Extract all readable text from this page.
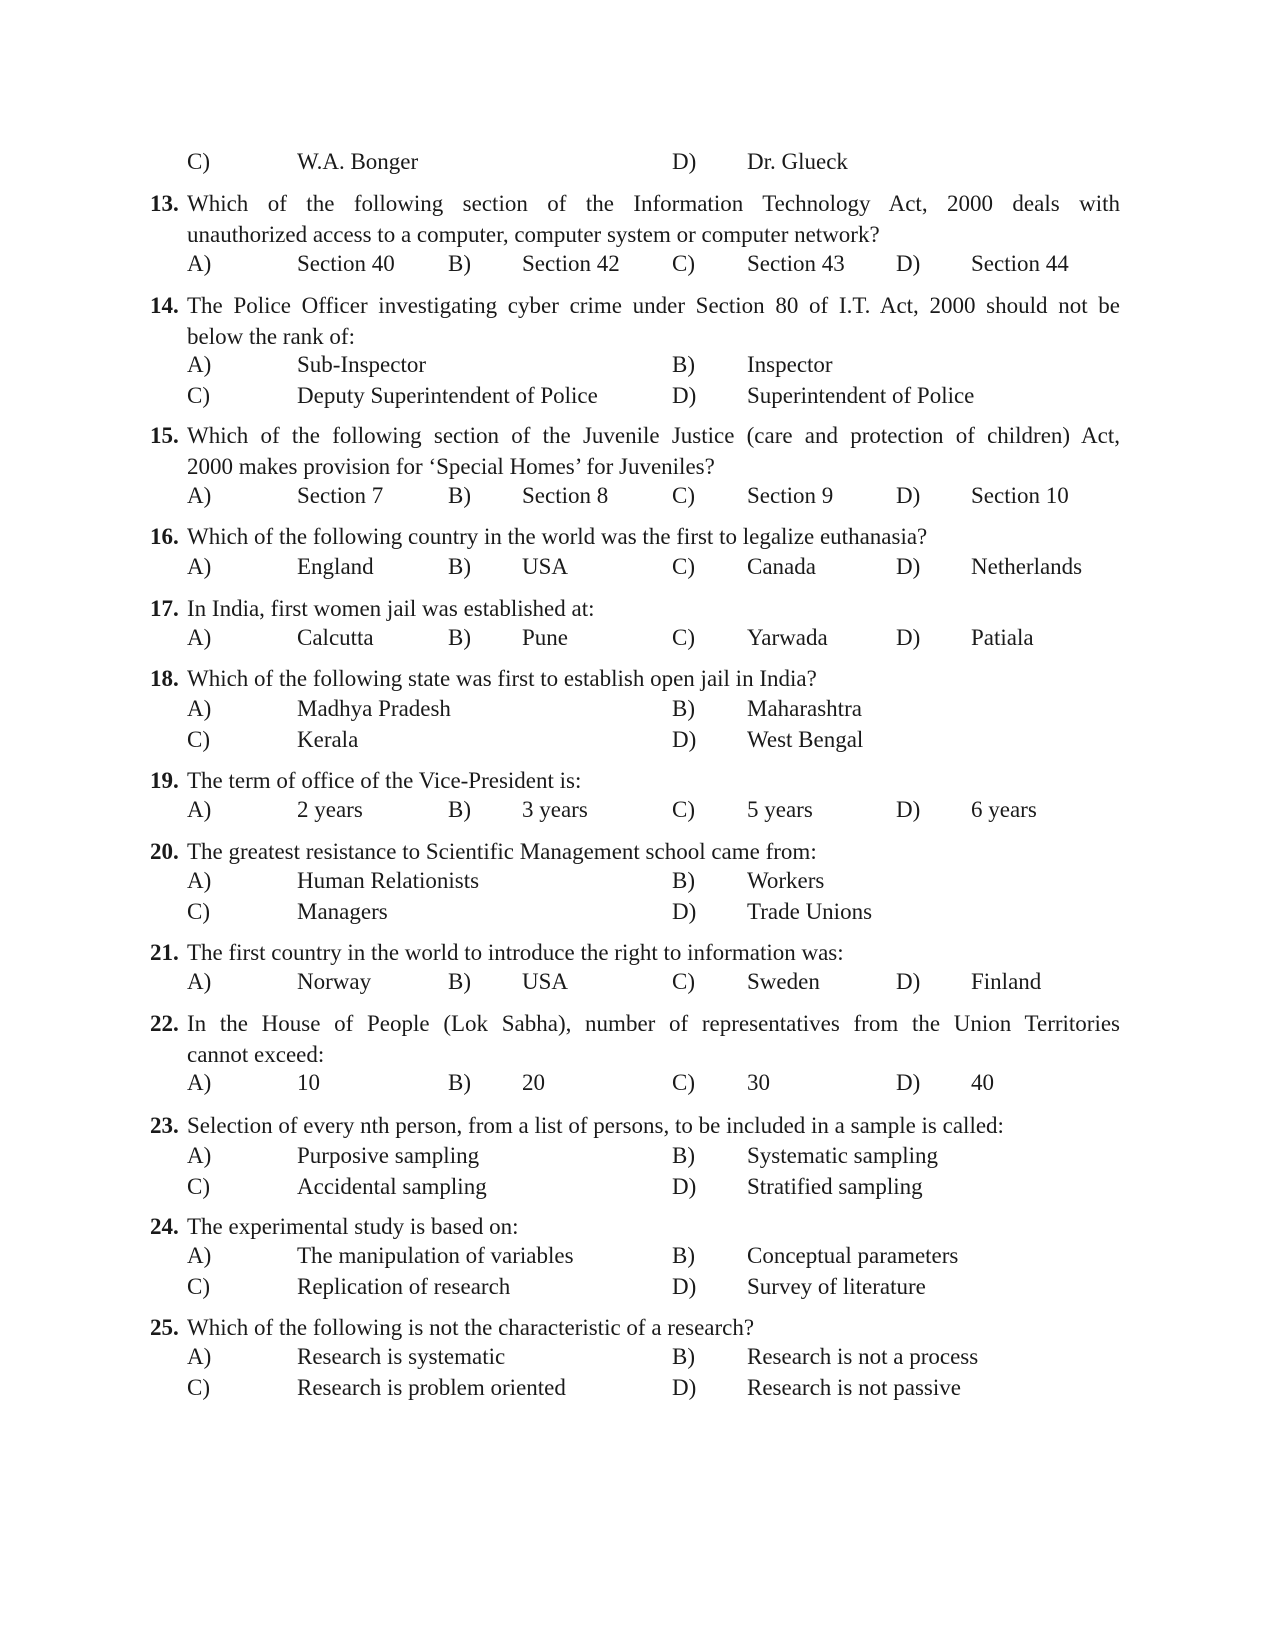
C)	W.A. Bonger	D) Dr. Glueck
13. Which of the following section of the Information Technology Act, 2000 deals with
unauthorized access to a computer, computer system or computer network?
A)	Section 40 B) Section 42 C) Section 43 D) Section 44
14. The Police Officer investigating cyber crime under Section 80 of I.T. Act, 2000 should not be
below the rank of:
A)	Sub-Inspector	B) Inspector
C)	Deputy Superintendent of Police	D) Superintendent of Police
15. Which of the following section of the Juvenile Justice (care and protection of children) Act,
2000 makes provision for ‘Special Homes’ for Juveniles?
A)	Section 7	B) Section 8	C) Section 9	D) Section 10
16. Which of the following country in the world was the first to legalize euthanasia?
A)	England	B) USA	C) Canada	D) Netherlands
17. In India, first women jail was established at:
A)	Calcutta	B) Pune	C) Yarwada	D) Patiala
18. Which of the following state was first to establish open jail in India?
A)	Madhya Pradesh	B) Maharashtra
C)	Kerala	D) West Bengal
19. The term of office of the Vice-President is:
A)	2 years	B) 3 years	C) 5 years	D) 6 years
20. The greatest resistance to Scientific Management school came from:
A)	Human Relationists	B) Workers
C)	Managers	D) Trade Unions
21. The first country in the world to introduce the right to information was:
A)	Norway	B) USA	C) Sweden	D) Finland
22. In the House of People (Lok Sabha), number of representatives from the Union Territories
cannot exceed:
A)	10	B) 20	C) 30	D) 40
23. Selection of every nth person, from a list of persons, to be included in a sample is called:
A)	Purposive sampling	B) Systematic sampling
C)	Accidental sampling	D) Stratified sampling
24. The experimental study is based on:
A)	The manipulation of variables	B) Conceptual parameters
C)	Replication of research	D) Survey of literature
25. Which of the following is not the characteristic of a research?
A)	Research is systematic	B) Research is not a process
C)	Research is problem oriented	D) Research is not passive
